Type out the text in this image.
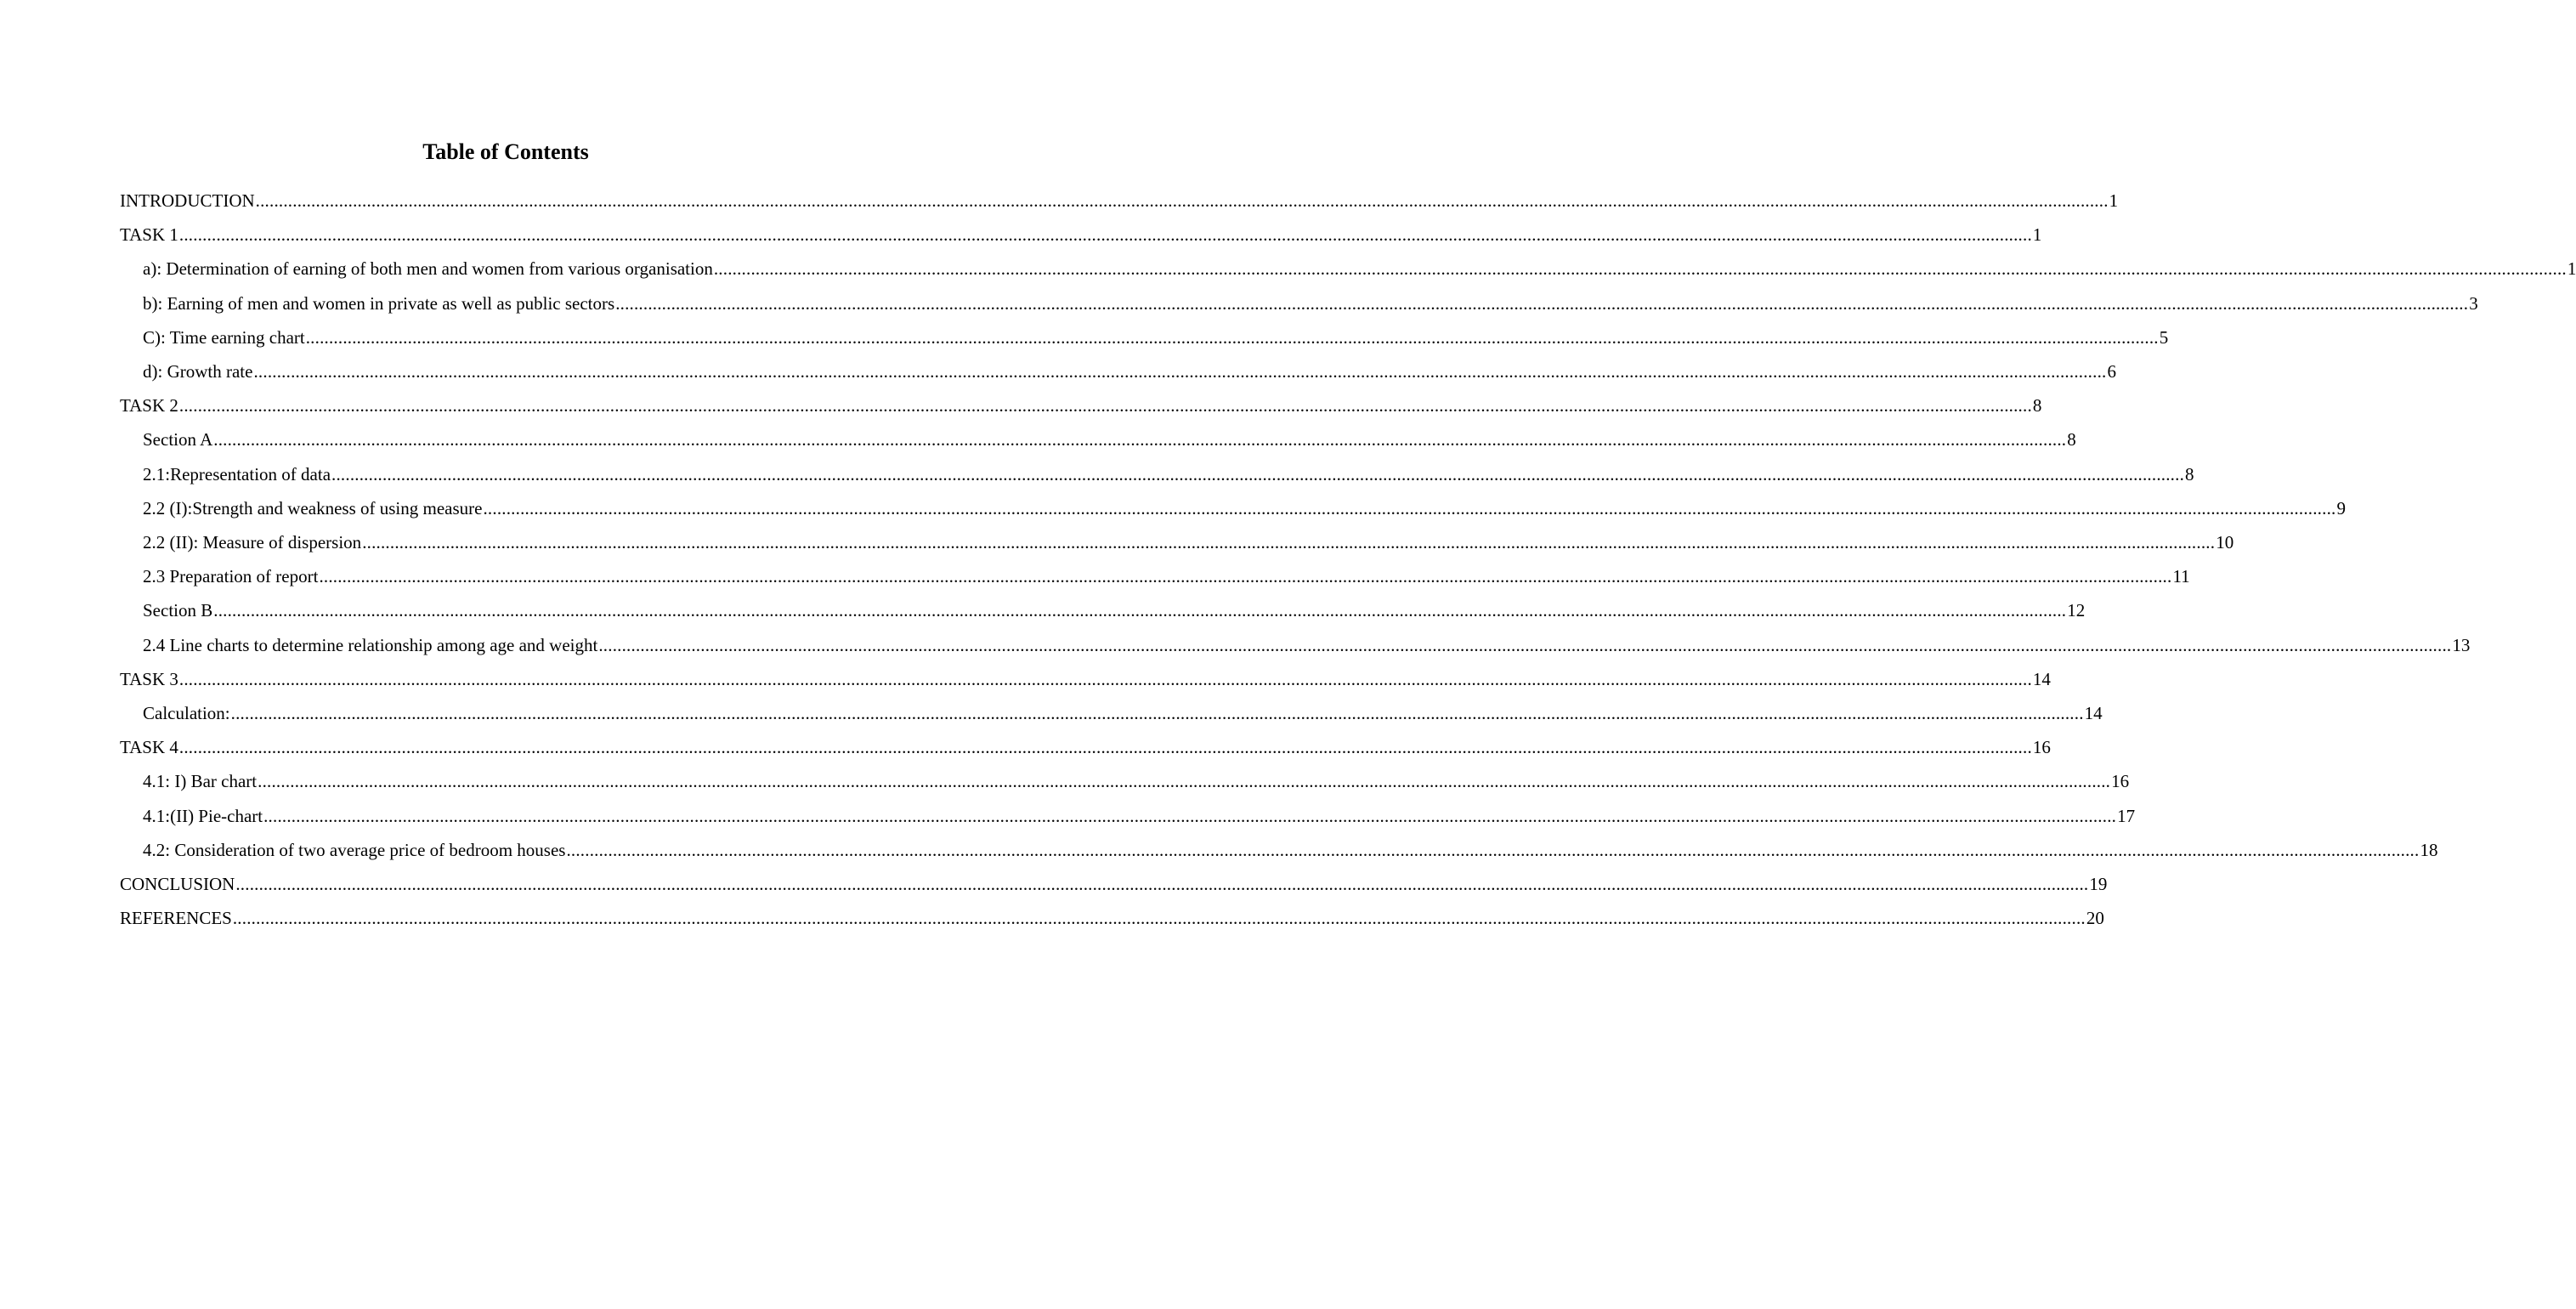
Table of Contents
INTRODUCTION ................................................................................................................................................................................................................................................................................................................................................................................................................ 1
TASK 1 ................................................................................................................................................................................................................................................................................................................................................................................................................ 1
a): Determination of earning of both men and women from various organisation ................................................................................................................................................................................................................................................................................................................................................................................................................ 1
b): Earning of men and women in private as well as public sectors ................................................................................................................................................................................................................................................................................................................................................................................................................ 3
C): Time earning chart ................................................................................................................................................................................................................................................................................................................................................................................................................ 5
d): Growth rate ................................................................................................................................................................................................................................................................................................................................................................................................................ 6
TASK 2 ................................................................................................................................................................................................................................................................................................................................................................................................................ 8
Section A ................................................................................................................................................................................................................................................................................................................................................................................................................ 8
2.1:Representation of data ................................................................................................................................................................................................................................................................................................................................................................................................................ 8
2.2 (I):Strength and weakness of using measure ................................................................................................................................................................................................................................................................................................................................................................................................................ 9
2.2 (II): Measure of dispersion ................................................................................................................................................................................................................................................................................................................................................................................................................ 10
2.3 Preparation of report ................................................................................................................................................................................................................................................................................................................................................................................................................ 11
Section B ................................................................................................................................................................................................................................................................................................................................................................................................................ 12
2.4 Line charts to determine relationship among age and weight ................................................................................................................................................................................................................................................................................................................................................................................................................ 13
TASK 3 ................................................................................................................................................................................................................................................................................................................................................................................................................ 14
Calculation: ................................................................................................................................................................................................................................................................................................................................................................................................................ 14
TASK 4 ................................................................................................................................................................................................................................................................................................................................................................................................................ 16
4.1: I) Bar chart ................................................................................................................................................................................................................................................................................................................................................................................................................ 16
4.1:(II) Pie-chart ................................................................................................................................................................................................................................................................................................................................................................................................................ 17
4.2: Consideration of two average price of bedroom houses ................................................................................................................................................................................................................................................................................................................................................................................................................ 18
CONCLUSION ................................................................................................................................................................................................................................................................................................................................................................................................................ 19
REFERENCES ................................................................................................................................................................................................................................................................................................................................................................................................................ 20
